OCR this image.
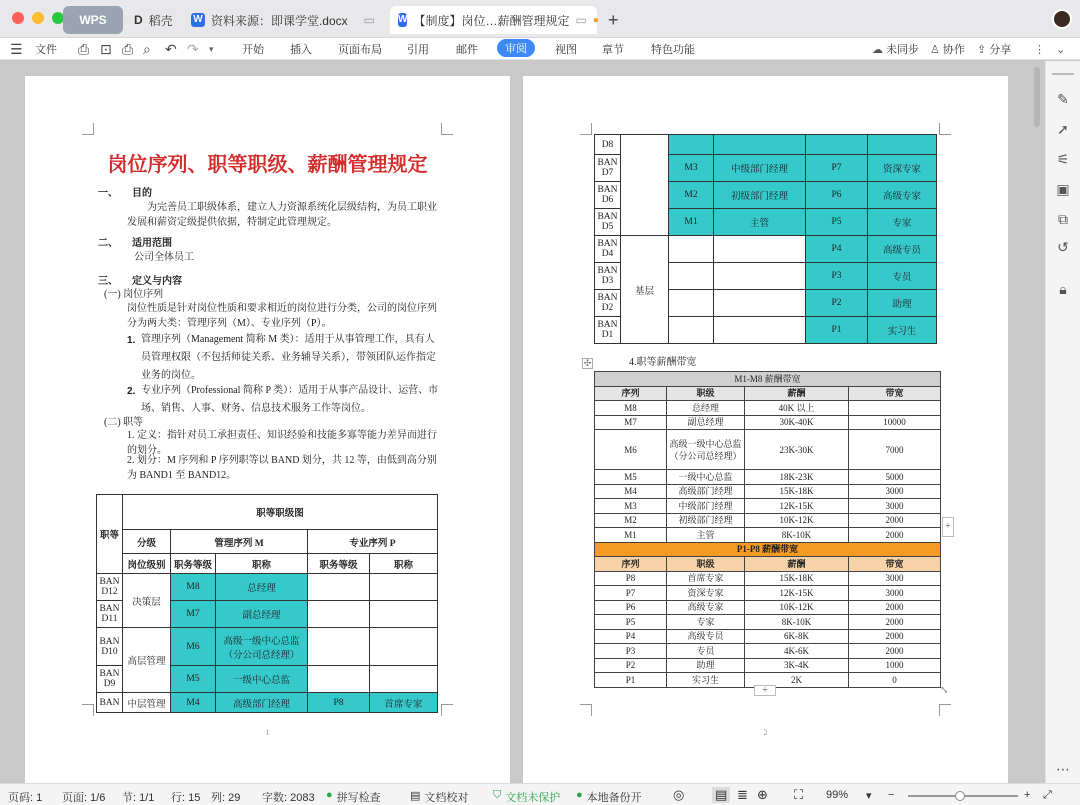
WPS	D 稻壳 W 资料来源：即课学堂.docx ▭ W 【制度】岗位…薪酬管理规定 ▭ ● +
☰ 文件 ⎙ ⊡ ⎙ ⌕ ↶ ↷ ▾	开始 插入 页面布局 引用 邮件	审阅	视图 章节 特色功能	☁ 未同步 ♙ 协作 ⇪ 分享 ⋮ ⌄
岗位序列、职等职级、薪酬管理规定
一、 目的
为完善员工职级体系，建立人力资源系统化层级结构，为员工职业发展和薪资定级提供依据，特制定此管理规定。
二、 适用范围
公司全体员工
三、 定义与内容
(一) 岗位序列
岗位性质是针对岗位性质和要求相近的岗位进行分类，公司的岗位序列分为两大类：管理序列（M）、专业序列（P）。
1. 管理序列（Management 简称 M 类）：适用于从事管理工作，具有人员管理权限（不包括师徒关系、业务辅导关系），带领团队运作指定业务的岗位。
2. 专业序列（Professional 简称 P 类）：适用于从事产品设计、运营、市场、销售、人事、财务、信息技术服务工作等岗位。
(二) 职等
1. 定义：指针对员工承担责任、知识经验和技能多寡等能力差异而进行的划分。
2. 划分：M 序列和 P 序列职等以 BAND 划分，共 12 等，由低到高分别为 BAND1 至 BAND12。
职等	职等职级图				
	分级	管理序列 M		专业序列 P	
	岗位级别	职务等级	职称	职务等级	职称
BAN D12	决策层	M8	总经理		
BAN D11		M7	副总经理		
BAN D10	高层管理	M6	高级一级中心总监（分公司总经理）		
BAN D9		M5	一级中心总监		
BAN	中层管理	M4	高级部门经理	P8	首席专家
1
D8					
BAN D7		M3	中级部门经理	P7	资深专家
BAN D6		M2	初级部门经理	P6	高级专家
BAN D5		M1	主管	P5	专家
BAN D4	基层			P4	高级专员
BAN D3				P3	专员
BAN D2				P2	助理
BAN D1				P1	实习生
✣	4.职等薪酬带宽
M1-M8 薪酬带宽			
序列	职级	薪酬	带宽
M8	总经理	40K 以上	
M7	副总经理	30K-40K	10000
M6	高级一级中心总监（分公司总经理）	23K-30K	7000
M5	一级中心总监	18K-23K	5000
M4	高级部门经理	15K-18K	3000
M3	中级部门经理	12K-15K	3000
M2	初级部门经理	10K-12K	2000
M1	主管	8K-10K	2000
P1-P8 薪酬带宽			
序列	职级	薪酬	带宽
P8	首席专家	15K-18K	3000
P7	资深专家	12K-15K	3000
P6	高级专家	10K-12K	2000
P5	专家	8K-10K	2000
P4	高级专员	6K-8K	2000
P3	专员	4K-6K	2000
P2	助理	3K-4K	1000
P1	实习生	2K	0
+
+	⤡
2
✎
➚
⚟
▣
⧉
↺
🔒︎
⋯
页码: 1 页面: 1/6 节: 1/1 行: 15 列: 29 字数: 2083 ● 拼写检查	▤ 文档校对 ⛉ 文档未保护 ● 本地备份开 ◎ ▤ ≣ ⊕ ⛶ 99% ▾ −	+ ⤢
